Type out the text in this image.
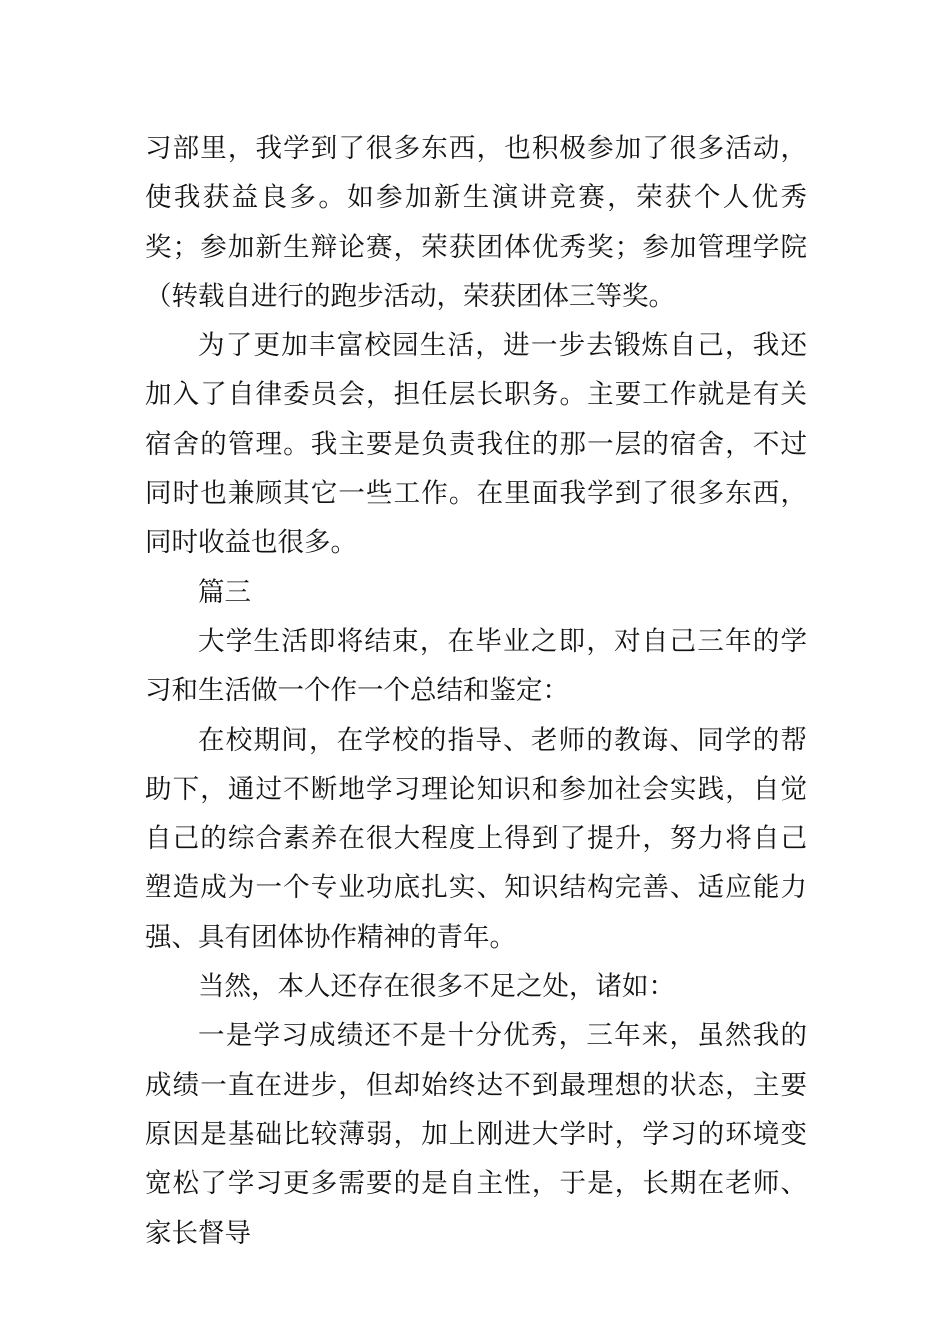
习部里，我学到了很多东西，也积极参加了很多活动，使我获益良多。如参加新生演讲竞赛，荣获个人优秀奖；参加新生辩论赛，荣获团体优秀奖；参加管理学院（转载自进行的跑步活动，荣获团体三等奖。

为了更加丰富校园生活，进一步去锻炼自己，我还加入了自律委员会，担任层长职务。主要工作就是有关宿舍的管理。我主要是负责我住的那一层的宿舍，不过同时也兼顾其它一些工作。在里面我学到了很多东西，同时收益也很多。

篇三

大学生活即将结束，在毕业之即，对自己三年的学习和生活做一个作一个总结和鉴定：

在校期间，在学校的指导、老师的教诲、同学的帮助下，通过不断地学习理论知识和参加社会实践，自觉自己的综合素养在很大程度上得到了提升，努力将自己塑造成为一个专业功底扎实、知识结构完善、适应能力强、具有团体协作精神的青年。

当然，本人还存在很多不足之处，诸如：

一是学习成绩还不是十分优秀，三年来，虽然我的成绩一直在进步，但却始终达不到最理想的状态，主要原因是基础比较薄弱，加上刚进大学时，学习的环境变宽松了学习更多需要的是自主性，于是，长期在老师、家长督导
